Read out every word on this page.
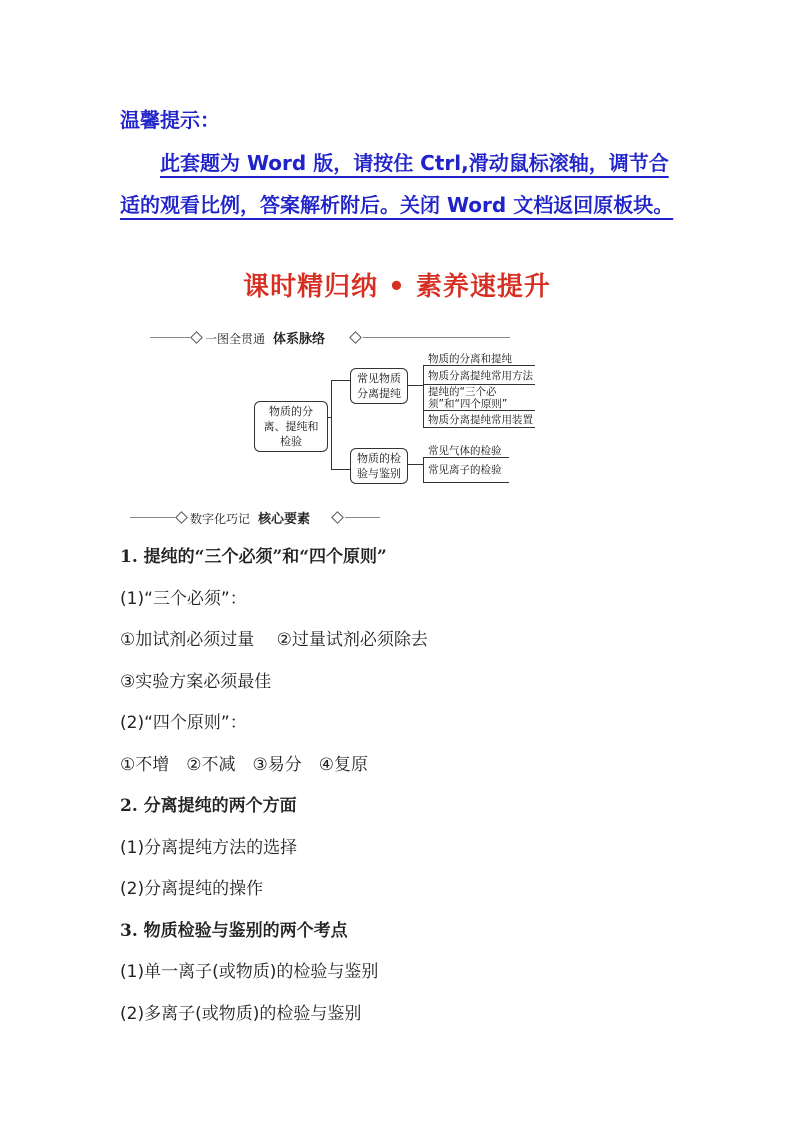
温馨提示：
此套题为 Word 版，请按住 Ctrl,滑动鼠标滚轴，调节合适的观看比例，答案解析附后。关闭 Word 文档返回原板块。
课时精归纳 • 素养速提升
一图全贯通 体系脉络
物质的分离、提纯和检验
常见物质分离提纯
物质的检验与鉴别
物质的分离和提纯
物质分离提纯常用方法
提纯的“三个必须”和“四个原则”
物质分离提纯常用装置
常见气体的检验
常见离子的检验
数字化巧记 核心要素
1. 提纯的“三个必须”和“四个原则”
(1)“三个必须”：
①加试剂必须过量　 ②过量试剂必须除去
③实验方案必须最佳
(2)“四个原则”：
①不增　②不减　③易分　④复原
2. 分离提纯的两个方面
(1)分离提纯方法的选择
(2)分离提纯的操作
3. 物质检验与鉴别的两个考点
(1)单一离子(或物质)的检验与鉴别
(2)多离子(或物质)的检验与鉴别
